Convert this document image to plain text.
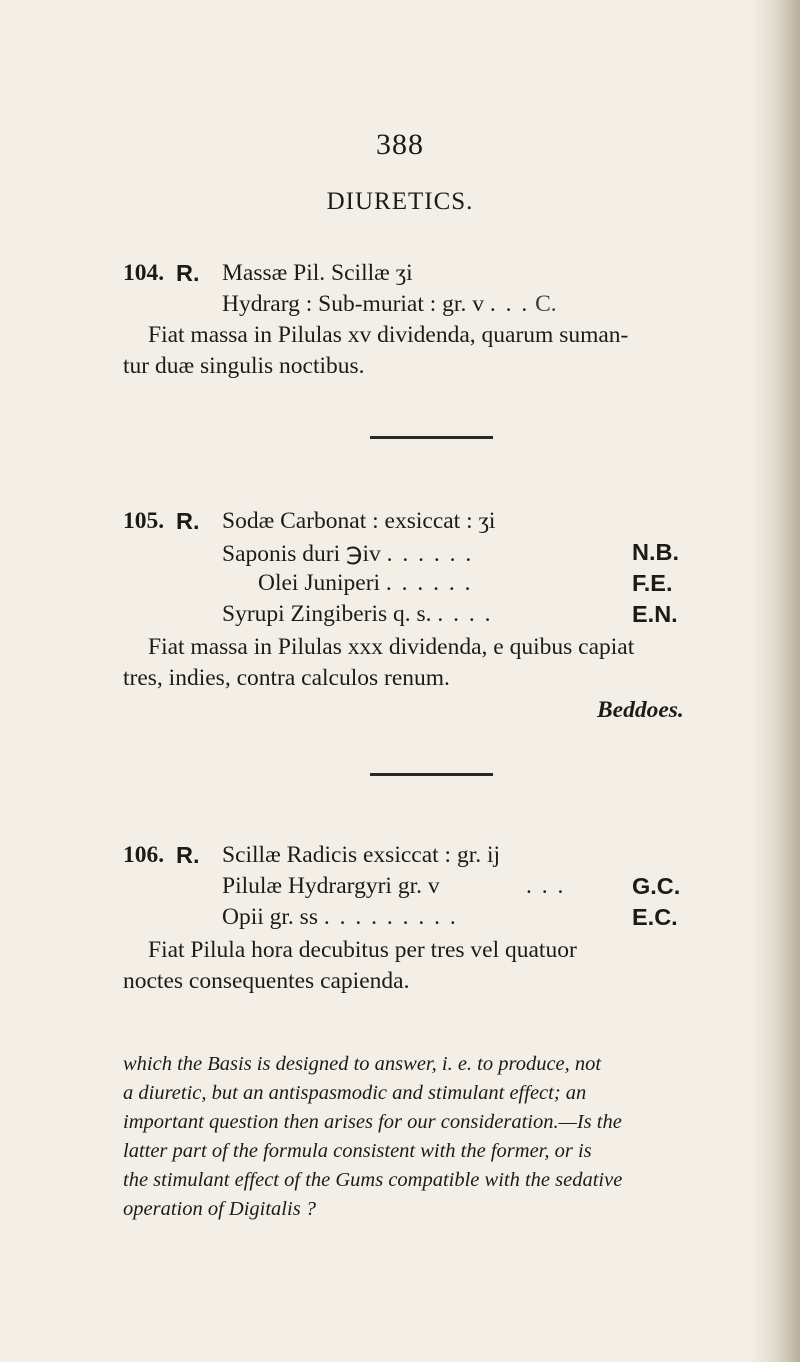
388
DIURETICS.
104. R. Massæ Pil. Scillæ ʒi
Hydrarg : Sub-muriat : gr. v . . . C.
Fiat massa in Pilulas xv dividenda, quarum suman-
tur duæ singulis noctibus.
105. R. Sodæ Carbonat : exsiccat : ʒi
Saponis duri ℈iv . . . . . .	N.B.
Olei Juniperi . . . . . .	F.E.
Syrupi Zingiberis q. s. . . . .	E.N.
Fiat massa in Pilulas xxx dividenda, e quibus capiat
tres, indies, contra calculos renum.
Beddoes.
106. R. Scillæ Radicis exsiccat : gr. ij
Pilulæ Hydrargyri gr. v	. . .	G.C.
Opii gr. ss . . . . . . . . .	E.C.
Fiat Pilula hora decubitus per tres vel quatuor
noctes consequentes capienda.
which the Basis is designed to answer, i. e. to produce, not
a diuretic, but an antispasmodic and stimulant effect; an
important question then arises for our consideration.—Is the
latter part of the formula consistent with the former, or is
the stimulant effect of the Gums compatible with the sedative
operation of Digitalis ?
